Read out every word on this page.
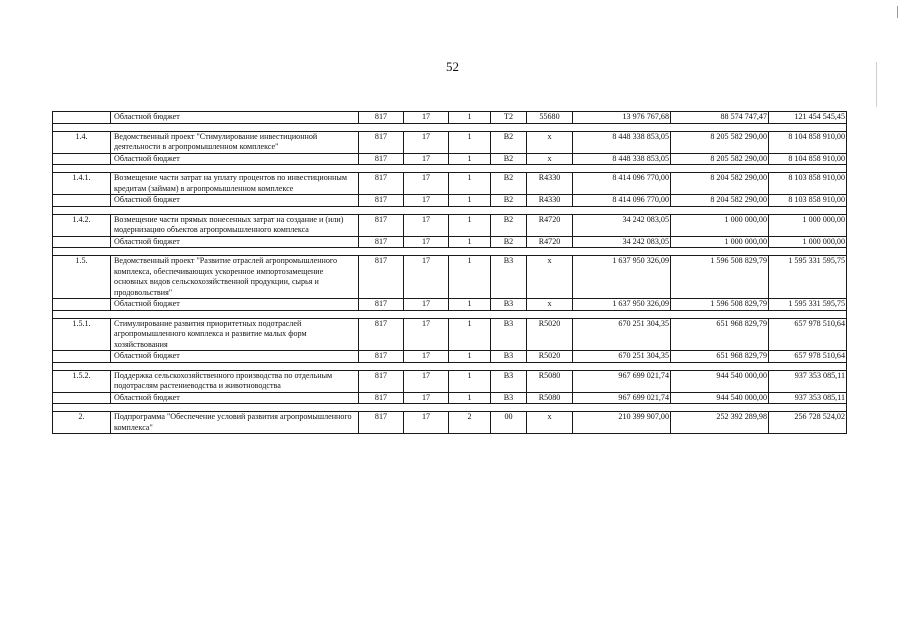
52
	Областной бюджет	817	17	1	Т2	55680	13 976 767,68	88 574 747,47	121 454 545,45

1.4.	Ведомственный проект "Стимулирование инвестиционной деятельности в агропромышленном комплексе"	817	17	1	В2	х	8 448 338 853,05	8 205 582 290,00	8 104 858 910,00
	Областной бюджет	817	17	1	В2	х	8 448 338 853,05	8 205 582 290,00	8 104 858 910,00

1.4.1.	Возмещение части затрат на уплату процентов по инвестиционным кредитам (займам) в агропромышленном комплексе	817	17	1	В2	R4330	8 414 096 770,00	8 204 582 290,00	8 103 858 910,00
	Областной бюджет	817	17	1	В2	R4330	8 414 096 770,00	8 204 582 290,00	8 103 858 910,00

1.4.2.	Возмещение части прямых понесенных затрат на создание и (или) модернизацию объектов агропромышленного комплекса	817	17	1	В2	R4720	34 242 083,05	1 000 000,00	1 000 000,00
	Областной бюджет	817	17	1	В2	R4720	34 242 083,05	1 000 000,00	1 000 000,00

1.5.	Ведомственный проект "Развитие отраслей агропромышленного комплекса, обеспечивающих ускоренное импортозамещение основных видов сельскохозяйственной продукции, сырья и продовольствия"	817	17	1	В3	х	1 637 950 326,09	1 596 508 829,79	1 595 331 595,75
	Областной бюджет	817	17	1	В3	х	1 637 950 326,09	1 596 508 829,79	1 595 331 595,75

1.5.1.	Стимулирование развития приоритетных подотраслей агропромышленного комплекса и развитие малых форм хозяйствования	817	17	1	В3	R5020	670 251 304,35	651 968 829,79	657 978 510,64
	Областной бюджет	817	17	1	В3	R5020	670 251 304,35	651 968 829,79	657 978 510,64

1.5.2.	Поддержка сельскохозяйственного производства по отдельным подотраслям растениеводства и животноводства	817	17	1	В3	R5080	967 699 021,74	944 540 000,00	937 353 085,11
	Областной бюджет	817	17	1	В3	R5080	967 699 021,74	944 540 000,00	937 353 085,11

2.	Подпрограмма "Обеспечение условий развития агропромышленного комплекса"	817	17	2	00	х	210 399 907,00	252 392 289,98	256 728 524,02
